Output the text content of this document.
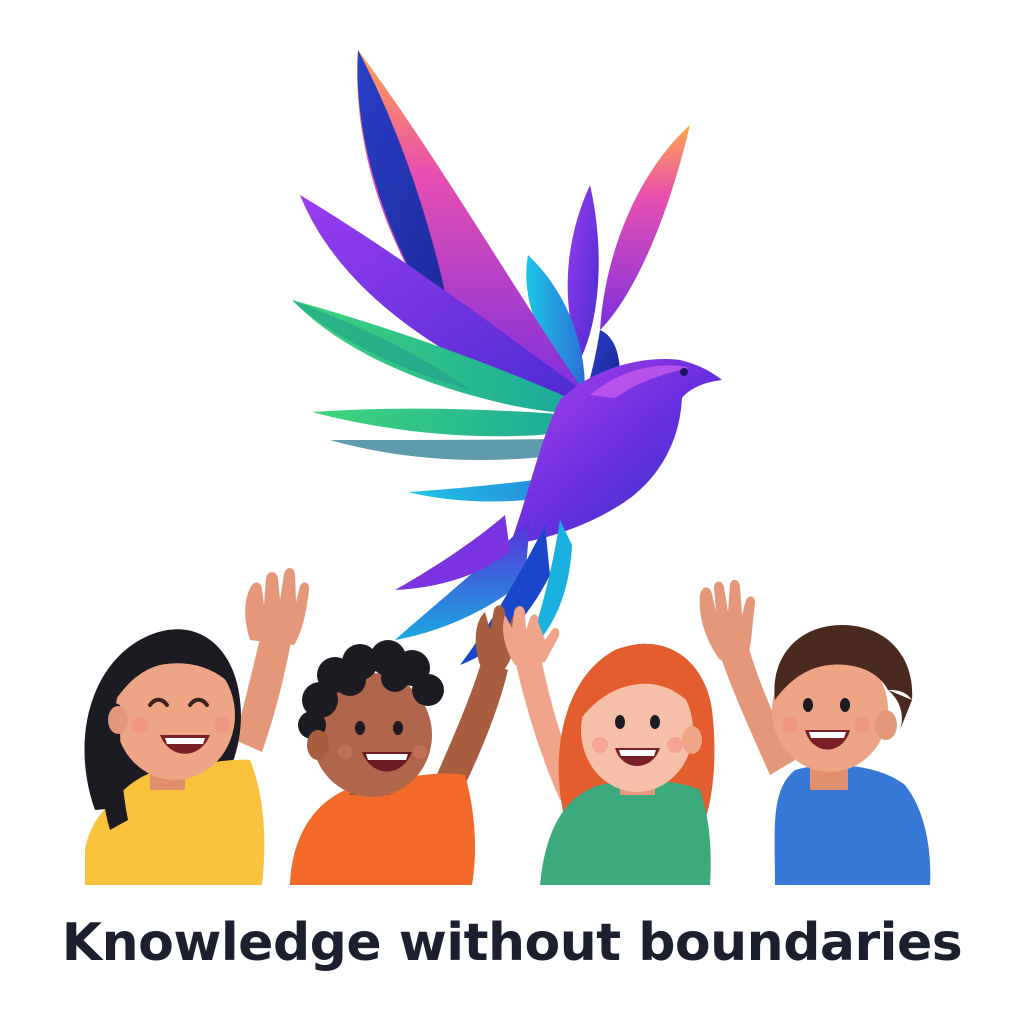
Knowledge without boundaries
